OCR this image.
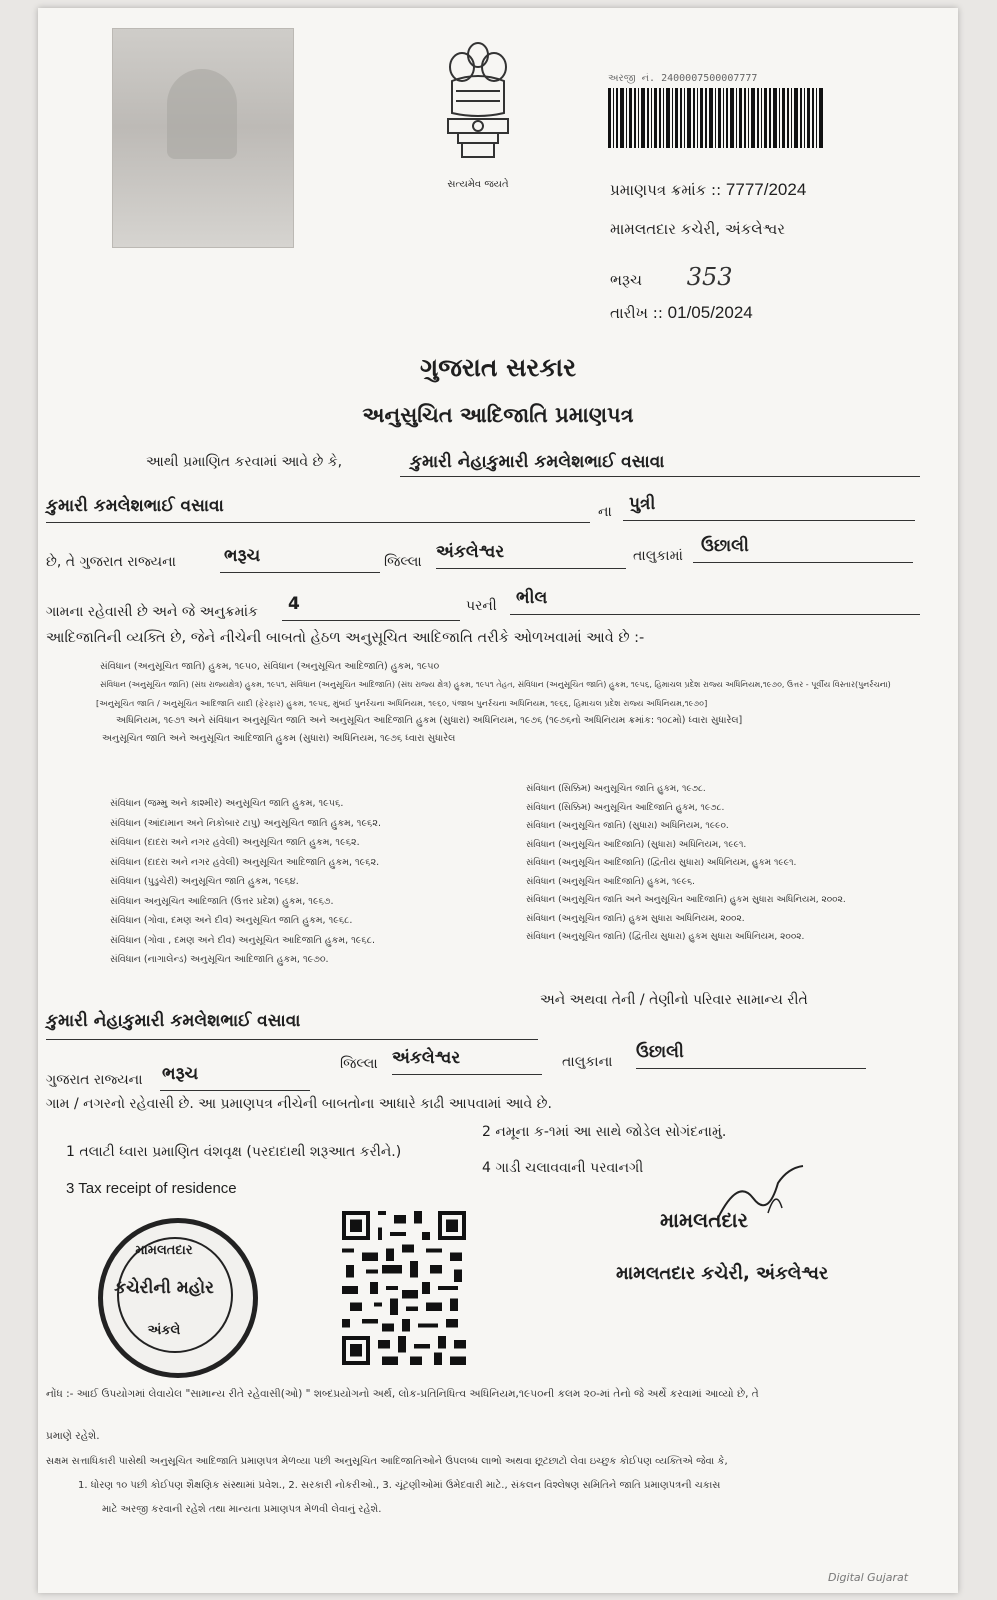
સત્યમેવ જયતે
અરજી નં. 2400007500007777
પ્રમાણપત્ર ક્રમાંક :: 7777/2024
મામલતદાર કચેરી, અંકલેશ્વર
ભરૂચ 353
તારીખ :: 01/05/2024
ગુજરાત સરકાર
અનુસુચિત આદિજાતિ પ્રમાણપત્ર
આથી પ્રમાણિત કરવામાં આવે છે કે,	કુમારી નેહાકુમારી કમલેશભાઈ વસાવા
કુમારી કમલેશભાઈ વસાવા	ના	પુત્રી
છે, તે ગુજરાત રાજ્યના	ભરૂચ	જિલ્લા અંકલેશ્વર	તાલુકામાં	ઉછાલી
ગામના રહેવાસી છે અને જે અનુક્રમાંક	4	પરની	ભીલ
આદિજાતિની વ્યક્તિ છે, જેને નીચેની બાબતો હેઠળ અનુસૂચિત આદિજાતિ તરીકે ઓળખવામાં આવે છે :-
સંવિધાન (અનુસૂચિત જાતિ) હુકમ, ૧૯૫૦, સંવિધાન (અનુસૂચિત આદિજાતિ) હુકમ, ૧૯૫૦
સંવિધાન (અનુસૂચિત જાતિ) (સંઘ રાજ્યક્ષેત્ર) હુકમ, ૧૯૫૧, સંવિધાન (અનુસૂચિત આદિજાતિ) (સંઘ રાજ્ય ક્ષેત્ર) હુકમ, ૧૯૫૧ તેહત, સંવિધાન (અનુસૂચિત જાતિ) હુકમ, ૧૯૫૬, હિમાચલ પ્રદેશ રાજ્ય અધિનિયમ,૧૯૭૦, ઉત્તર - પૂર્વીય વિસ્તાર(પુનર્રચના)
[અનુસૂચિત જાતિ / અનુસૂચિત આદિજાતિ યાદી (ફેરફાર) હુકમ, ૧૯૫૬, મુંબઈ પુનર્રચના અધિનિયમ, ૧૯૬૦, પંજાબ પુનર્રચના અધિનિયમ, ૧૯૬૬, હિમાચલ પ્રદેશ રાજ્ય અધિનિયમ,૧૯૭૦]
અધિનિયમ, ૧૯૭૧ અને સંવિધાન અનુસૂચિત જાતિ અને અનુસૂચિત આદિજાતિ હુકમ (સુધારા) અધિનિયમ, ૧૯૭૬ (૧૯૭૬નો અધિનિયમ ક્રમાંક: ૧૦૮મો) ધ્વારા સુધારેલ]
અનુસૂચિત જાતિ અને અનુસૂચિત આદિજાતિ હુકમ (સુધારા) અધિનિયમ, ૧૯૭૬ ધ્વારા સુધારેલ
સંવિધાન (જમ્મુ અને કાશ્મીર) અનુસૂચિત જાતિ હુકમ, ૧૯૫૬.
સંવિધાન (આંદામાન અને નિકોબાર ટાપુ) અનુસૂચિત જાતિ હુકમ, ૧૯૬૨.
સંવિધાન (દાદરા અને નગર હવેલી) અનુસૂચિત જાતિ હુકમ, ૧૯૬૨.
સંવિધાન (દાદરા અને નગર હવેલી) અનુસૂચિત આદિજાતિ હુકમ, ૧૯૬૨.
સંવિધાન (પુડુચેરી) અનુસૂચિત જાતિ હુકમ, ૧૯૬૪.
સંવિધાન અનુસૂચિત આદિજાતિ (ઉત્તર પ્રદેશ) હુકમ, ૧૯૬૭.
સંવિધાન (ગોવા, દમણ અને દીવ) અનુસૂચિત જાતિ હુકમ, ૧૯૬૮.
સંવિધાન (ગોવા , દમણ અને દીવ) અનુસૂચિત આદિજાતિ હુકમ, ૧૯૬૮.
સંવિધાન (નાગાલેન્ડ) અનુસૂચિત આદિજાતિ હુકમ, ૧૯૭૦.
સંવિધાન (સિક્કિમ) અનુસૂચિત જાતિ હુકમ, ૧૯૭૮.
સંવિધાન (સિક્કિમ) અનુસૂચિત આદિજાતિ હુકમ, ૧૯૭૮.
સંવિધાન (અનુસૂચિત જાતિ) (સુધારા) અધિનિયમ, ૧૯૯૦.
સંવિધાન (અનુસૂચિત આદિજાતિ) (સુધારા) અધિનિયમ, ૧૯૯૧.
સંવિધાન (અનુસૂચિત આદિજાતિ) (દ્વિતીય સુધારા) અધિનિયમ, હુકમ ૧૯૯૧.
સંવિધાન (અનુસૂચિત આદિજાતિ) હુકમ, ૧૯૯૬.
સંવિધાન (અનુસૂચિત જાતિ અને અનુસૂચિત આદિજાતિ) હુકમ સુધારા અધિનિયમ, ૨૦૦૨.
સંવિધાન (અનુસૂચિત જાતિ) હુકમ સુધારા અધિનિયમ, ૨૦૦૨.
સંવિધાન (અનુસૂચિત જાતિ) (દ્વિતીય સુધારા) હુકમ સુધારા અધિનિયમ, ૨૦૦૨.
અને અથવા તેની / તેણીનો પરિવાર સામાન્ય રીતે
કુમારી નેહાકુમારી કમલેશભાઈ વસાવા
ગુજરાત રાજ્યના ભરૂચ	જિલ્લા અંકલેશ્વર	તાલુકાના ઉછાલી
ગામ / નગરનો રહેવાસી છે. આ પ્રમાણપત્ર નીચેની બાબતોના આધારે કાઢી આપવામાં આવે છે.
1 તલાટી ધ્વારા પ્રમાણિત વંશવૃક્ષ (પરદાદાથી શરૂઆત કરીને.)
2 નમૂના ક-૧માં આ સાથે જોડેલ સોગંદનામું.
3 Tax receipt of residence
4 ગાડી ચલાવવાની પરવાનગી
મામલતદાર
કચેરીની મહોર
અંકલે
મામલતદાર
મામલતદાર કચેરી, અંકલેશ્વર
નોંધ :- આઈ ઉપયોગમાં લેવાયેલ "સામાન્ય રીતે રહેવાસી(ઓ) " શબ્દપ્રયોગનો અર્થ, લોક-પ્રતિનિધિત્વ અધિનિયમ,૧૯૫૦ની કલમ ૨૦-માં તેનો જે અર્થે કરવામાં આવ્યો છે, તે
પ્રમાણે રહેશે.
સક્ષમ સત્તાધિકારી પાસેથી અનુસૂચિત આદિજાતિ પ્રમાણપત્ર મેળવ્યા પછી અનુસૂચિત આદિજાતિઓને ઉપલબ્ધ લાભો અથવા છૂટછાટો લેવા ઇચ્છુક કોઈપણ વ્યક્તિએ જેવા કે,
1. ધોરણ ૧૦ પછી કોઈપણ શૈક્ષણિક સંસ્થામાં પ્રવેશ., 2. સરકારી નોકરીઓ., 3. ચૂંટણીઓમાં ઉમેદવારી માટે., સંકલન વિશ્લેષણ સમિતિને જાતિ પ્રમાણપત્રની ચકાસ
માટે અરજી કરવાની રહેશે તથા માન્યતા પ્રમાણપત્ર મેળવી લેવાનું રહેશે.
Digital Gujarat
